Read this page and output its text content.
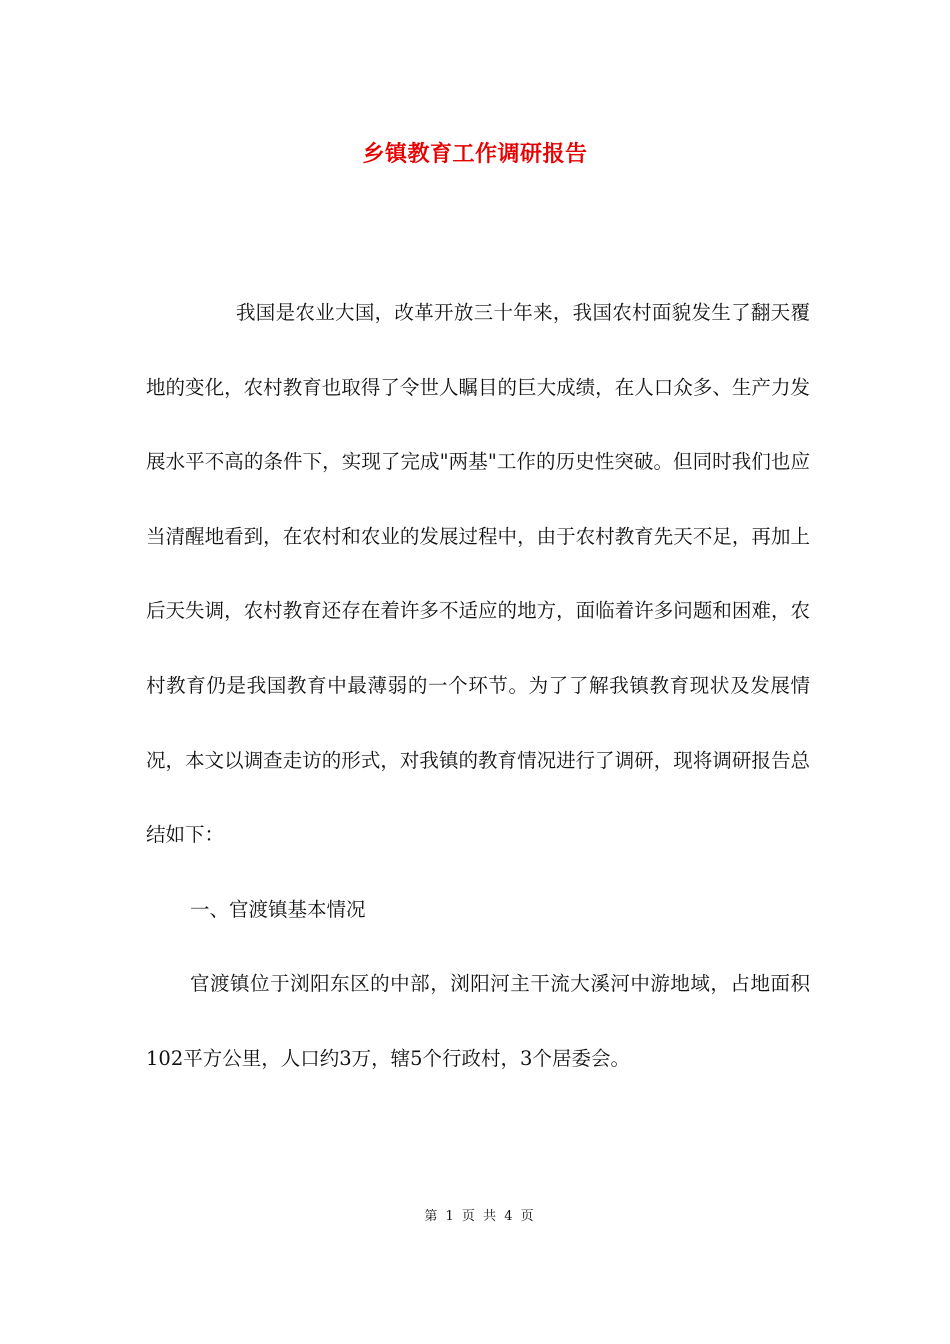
乡镇教育工作调研报告

我国是农业大国，改革开放三十年来，我国农村面貌发生了翻天覆地的变化，农村教育也取得了令世人瞩目的巨大成绩，在人口众多、生产力发展水平不高的条件下，实现了完成"两基"工作的历史性突破。但同时我们也应当清醒地看到，在农村和农业的发展过程中，由于农村教育先天不足，再加上后天失调，农村教育还存在着许多不适应的地方，面临着许多问题和困难，农村教育仍是我国教育中最薄弱的一个环节。为了了解我镇教育现状及发展情况，本文以调查走访的形式，对我镇的教育情况进行了调研，现将调研报告总结如下：

一、官渡镇基本情况

官渡镇位于浏阳东区的中部，浏阳河主干流大溪河中游地域，占地面积102平方公里，人口约3万，辖5个行政村，3个居委会。

第 1 页 共 4 页
